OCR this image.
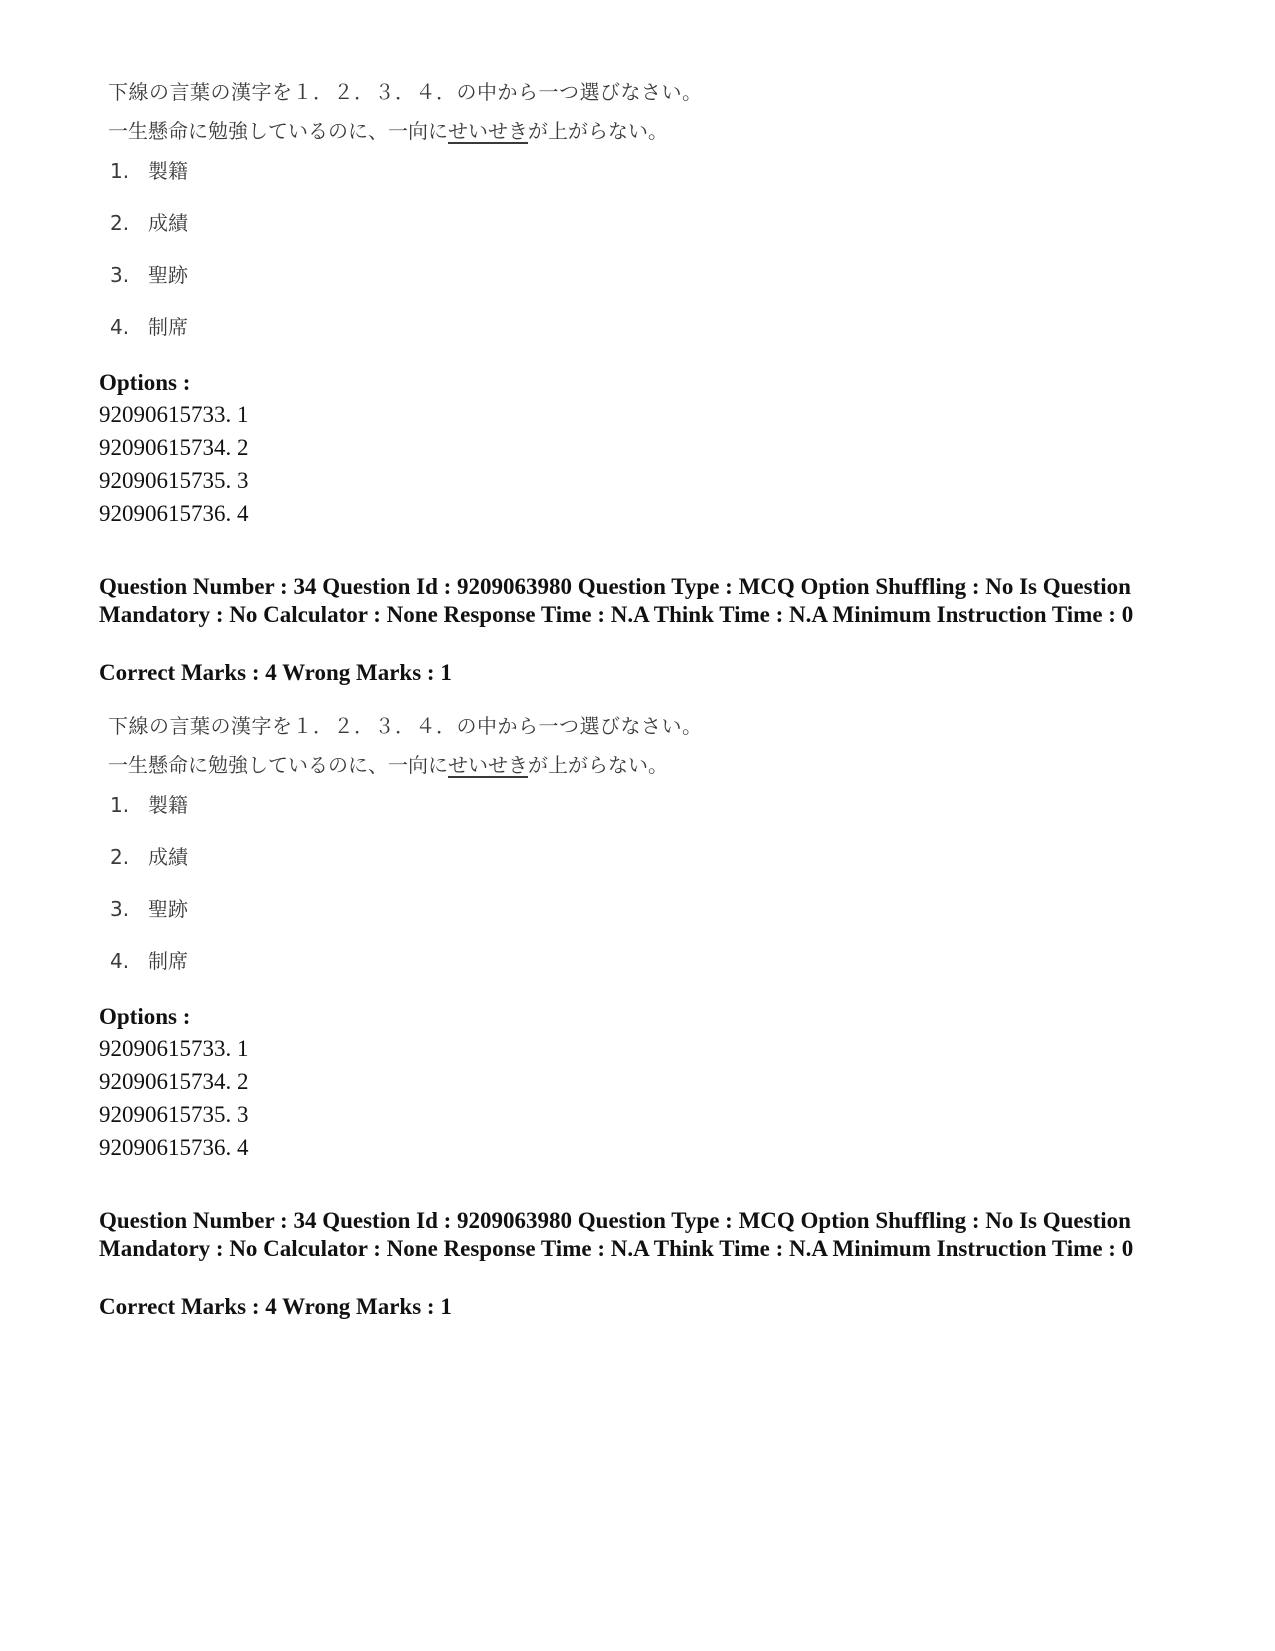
下線の言葉の漢字を１．２．３．４．の中から一つ選びなさい。
一生懸命に勉強しているのに、一向にせいせきが上がらない。
1. 製籍
2. 成績
3. 聖跡
4. 制席
Options :
92090615733. 1
92090615734. 2
92090615735. 3
92090615736. 4
Question Number : 34 Question Id : 9209063980 Question Type : MCQ Option Shuffling : No Is Question Mandatory : No Calculator : None Response Time : N.A Think Time : N.A Minimum Instruction Time : 0
Correct Marks : 4 Wrong Marks : 1
下線の言葉の漢字を１．２．３．４．の中から一つ選びなさい。
一生懸命に勉強しているのに、一向にせいせきが上がらない。
1. 製籍
2. 成績
3. 聖跡
4. 制席
Options :
92090615733. 1
92090615734. 2
92090615735. 3
92090615736. 4
Question Number : 34 Question Id : 9209063980 Question Type : MCQ Option Shuffling : No Is Question Mandatory : No Calculator : None Response Time : N.A Think Time : N.A Minimum Instruction Time : 0
Correct Marks : 4 Wrong Marks : 1
